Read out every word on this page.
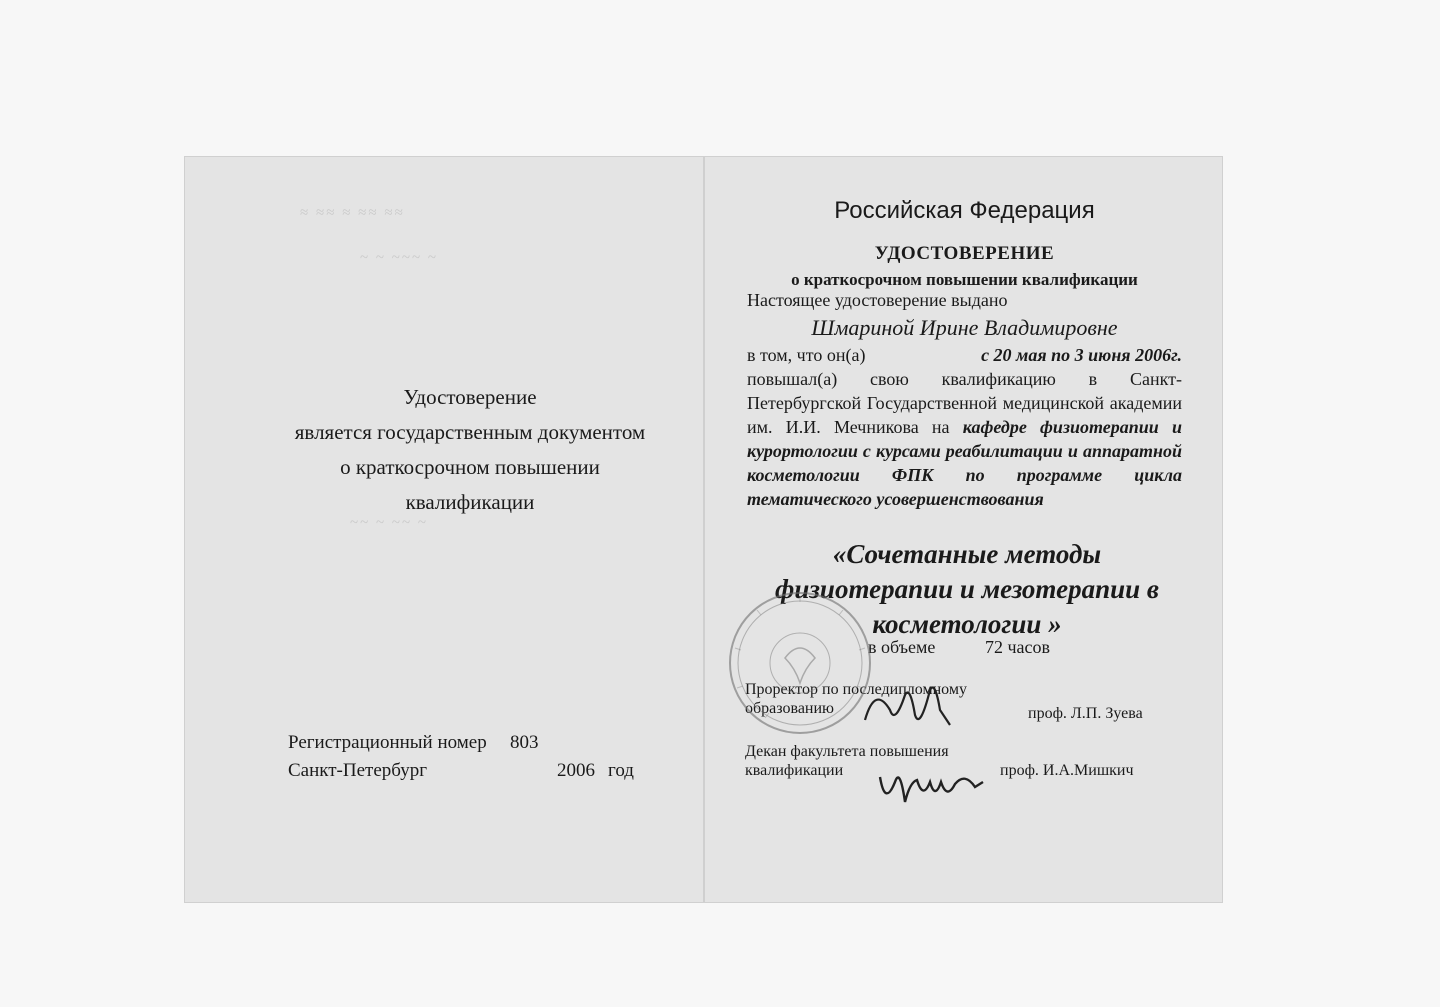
≈ ≈≈ ≈ ≈≈ ≈≈
~ ~ ~~~ ~
~~ ~ ~~ ~
Удостоверение
является государственным документом
о краткосрочном повышении
квалификации
Регистрационный номер 803
Санкт-Петербург	2006 год
Российская Федерация
УДОСТОВЕРЕНИЕ
о краткосрочном повышении квалификации
Настоящее удостоверение выдано
Шмариной Ирине Владимировне
в том, что он(а)	с 20 мая по 3 июня 2006г.
повышал(а) свою квалификацию в Санкт-Петербургской Государственной медицинской академии им. И.И. Мечникова на кафедре физиотерапии и курортологии с курсами реабилитации и аппаратной косметологии ФПК по программе цикла тематического усовершенствования
«Сочетанные методы физиотерапии и мезотерапии в косметологии »
в объеме	72 часов
Проректор по последипломному образованию	проф. Л.П. Зуева
Декан факультета повышения квалификации	проф. И.А.Мишкич
